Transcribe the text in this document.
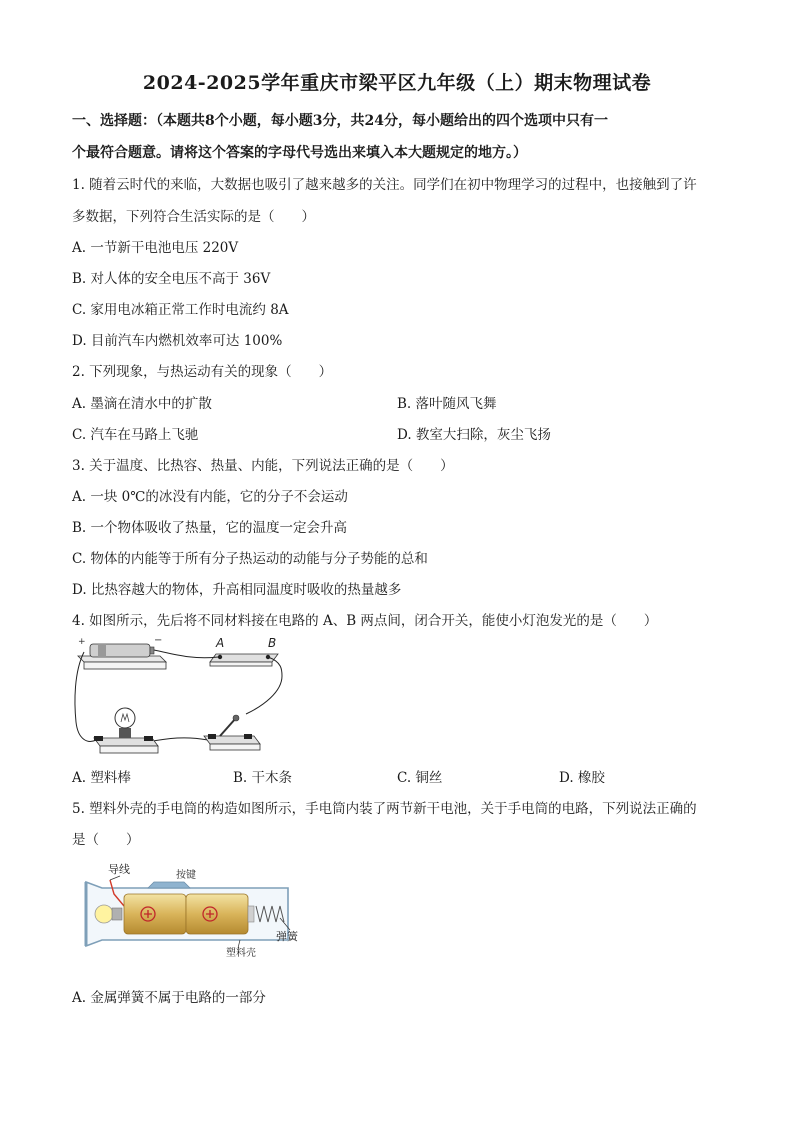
2024-2025学年重庆市梁平区九年级（上）期末物理试卷
一、选择题：（本题共8个小题，每小题3分，共24分，每小题给出的四个选项中只有一
个最符合题意。请将这个答案的字母代号选出来填入本大题规定的地方。）
1. 随着云时代的来临，大数据也吸引了越来越多的关注。同学们在初中物理学习的过程中，也接触到了许
多数据，下列符合生活实际的是（　　）
A. 一节新干电池电压 220V
B. 对人体的安全电压不高于 36V
C. 家用电冰箱正常工作时电流约 8A
D. 目前汽车内燃机效率可达 100%
2. 下列现象，与热运动有关的现象（　　）
A. 墨滴在清水中的扩散	B. 落叶随风飞舞
C. 汽车在马路上飞驰	D. 教室大扫除，灰尘飞扬
3. 关于温度、比热容、热量、内能，下列说法正确的是（　　）
A. 一块 0℃的冰没有内能，它的分子不会运动
B. 一个物体吸收了热量，它的温度一定会升高
C. 物体的内能等于所有分子热运动的动能与分子势能的总和
D. 比热容越大的物体，升高相同温度时吸收的热量越多
4. 如图所示，先后将不同材料接在电路的 A、B 两点间，闭合开关，能使小灯泡发光的是（　　）
+	−	A	B
A. 塑料棒	B. 干木条	C. 铜丝	D. 橡胶
5. 塑料外壳的手电筒的构造如图所示，手电筒内装了两节新干电池，关于手电筒的电路，下列说法正确的
是（　　）
导线	按键
弹簧
塑料壳
A. 金属弹簧不属于电路的一部分
